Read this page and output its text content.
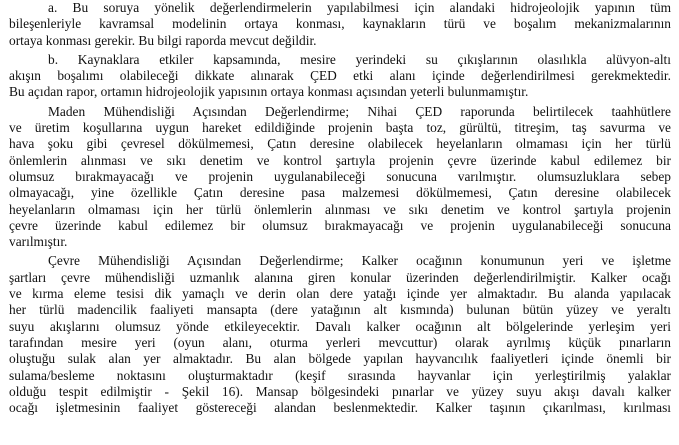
a. Bu soruya yönelik değerlendirmelerin yapılabilmesi için alandaki hidrojeolojik yapının tüm
bileşenleriyle kavramsal modelinin ortaya konması, kaynakların türü ve boşalım mekanizmalarının
ortaya konması gerekir. Bu bilgi raporda mevcut değildir.
b. Kaynaklara etkiler kapsamında, mesire yerindeki su çıkışlarının olasılıkla alüvyon-altı
akışın boşalımı olabileceği dikkate alınarak ÇED etki alanı içinde değerlendirilmesi gerekmektedir.
Bu açıdan rapor, ortamın hidrojeolojik yapısının ortaya konması açısından yeterli bulunmamıştır.
Maden Mühendisliği Açısından Değerlendirme; Nihai ÇED raporunda belirtilecek taahhütlere
ve üretim koşullarına uygun hareket edildiğinde projenin başta toz, gürültü, titreşim, taş savurma ve
hava şoku gibi çevresel dökülmemesi, Çatın deresine olabilecek heyelanların olmaması için her türlü
önlemlerin alınması ve sıkı denetim ve kontrol şartıyla projenin çevre üzerinde kabul edilemez bir
olumsuz bırakmayacağı ve projenin uygulanabileceği sonucuna varılmıştır. olumsuzluklara sebep
olmayacağı, yine özellikle Çatın deresine pasa malzemesi dökülmemesi, Çatın deresine olabilecek
heyelanların olmaması için her türlü önlemlerin alınması ve sıkı denetim ve kontrol şartıyla projenin
çevre üzerinde kabul edilemez bir olumsuz bırakmayacağı ve projenin uygulanabileceği sonucuna
varılmıştır.
Çevre Mühendisliği Açısından Değerlendirme; Kalker ocağının konumunun yeri ve işletme
şartları çevre mühendisliği uzmanlık alanına giren konular üzerinden değerlendirilmiştir. Kalker ocağı
ve kırma eleme tesisi dik yamaçlı ve derin olan dere yatağı içinde yer almaktadır. Bu alanda yapılacak
her türlü madencilik faaliyeti mansapta (dere yatağının alt kısmında) bulunan bütün yüzey ve yeraltı
suyu akışlarını olumsuz yönde etkileyecektir. Davalı kalker ocağının alt bölgelerinde yerleşim yeri
tarafından mesire yeri (oyun alanı, oturma yerleri mevcuttur) olarak ayrılmış küçük pınarların
oluştuğu sulak alan yer almaktadır. Bu alan bölgede yapılan hayvancılık faaliyetleri içinde önemli bir
sulama/besleme noktasını oluşturmaktadır (keşif sırasında hayvanlar için yerleştirilmiş yalaklar
olduğu tespit edilmiştir - Şekil 16). Mansap bölgesindeki pınarlar ve yüzey suyu akışı davalı kalker
ocağı işletmesinin faaliyet göstereceği alandan beslenmektedir. Kalker taşının çıkarılması, kırılması
